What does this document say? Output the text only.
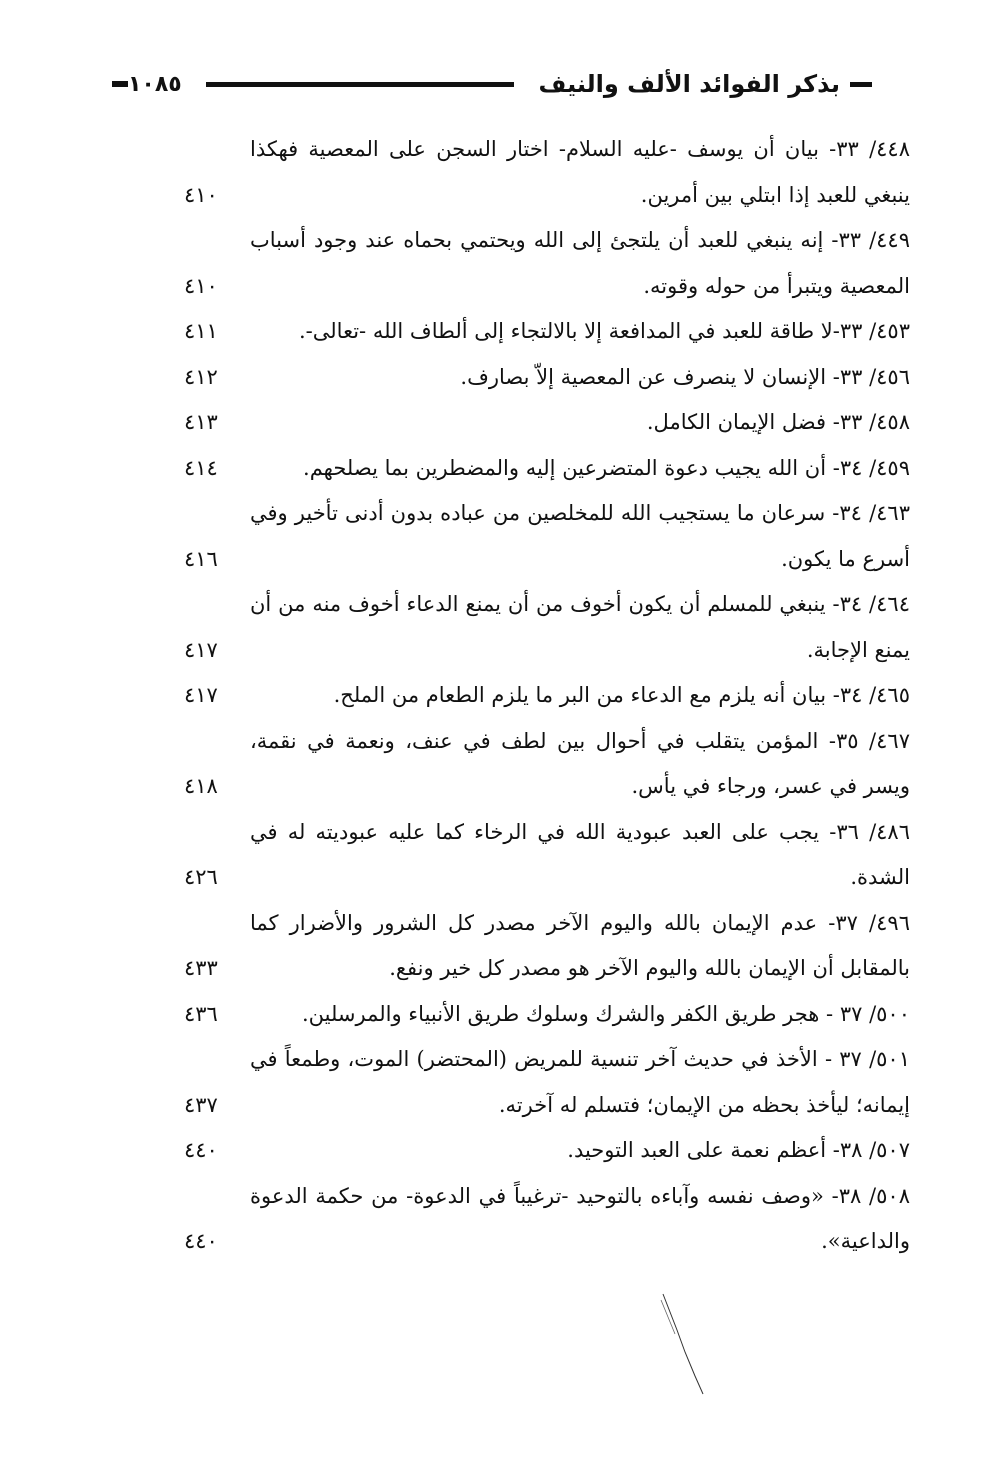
بذكر الفوائد الألف والنيف
١٠٨٥
٤٤٨/ ٣٣- بيان أن يوسف -عليه السلام- اختار السجن على المعصية فهكذا ينبغي للعبد إذا ابتلي بين أمرين.
٤١٠
٤٤٩/ ٣٣- إنه ينبغي للعبد أن يلتجئ إلى الله ويحتمي بحماه عند وجود أسباب المعصية ويتبرأ من حوله وقوته.
٤١٠
٤٥٣/ ٣٣-لا طاقة للعبد في المدافعة إلا بالالتجاء إلى ألطاف الله -تعالى-.
٤١١
٤٥٦/ ٣٣- الإنسان لا ينصرف عن المعصية إلاّ بصارف.
٤١٢
٤٥٨/ ٣٣- فضل الإيمان الكامل.
٤١٣
٤٥٩/ ٣٤- أن الله يجيب دعوة المتضرعين إليه والمضطرين بما يصلحهم.
٤١٤
٤٦٣/ ٣٤- سرعان ما يستجيب الله للمخلصين من عباده بدون أدنى تأخير وفي أسرع ما يكون.
٤١٦
٤٦٤/ ٣٤- ينبغي للمسلم أن يكون أخوف من أن يمنع الدعاء أخوف منه من أن يمنع الإجابة.
٤١٧
٤٦٥/ ٣٤- بيان أنه يلزم مع الدعاء من البر ما يلزم الطعام من الملح.
٤١٧
٤٦٧/ ٣٥- المؤمن يتقلب في أحوال بين لطف في عنف، ونعمة في نقمة، ويسر في عسر، ورجاء في يأس.
٤١٨
٤٨٦/ ٣٦- يجب على العبد عبودية الله في الرخاء كما عليه عبوديته له في الشدة.
٤٢٦
٤٩٦/ ٣٧- عدم الإيمان بالله واليوم الآخر مصدر كل الشرور والأضرار كما بالمقابل أن الإيمان بالله واليوم الآخر هو مصدر كل خير ونفع.
٤٣٣
٥٠٠/ ٣٧ - هجر طريق الكفر والشرك وسلوك طريق الأنبياء والمرسلين.
٤٣٦
٥٠١/ ٣٧ - الأخذ في حديث آخر تنسية للمريض (المحتضر) الموت، وطمعاً في إيمانه؛ ليأخذ بحظه من الإيمان؛ فتسلم له آخرته.
٤٣٧
٥٠٧/ ٣٨- أعظم نعمة على العبد التوحيد.
٤٤٠
٥٠٨/ ٣٨- «وصف نفسه وآباءه بالتوحيد -ترغيباً في الدعوة- من حكمة الدعوة والداعية».
٤٤٠
